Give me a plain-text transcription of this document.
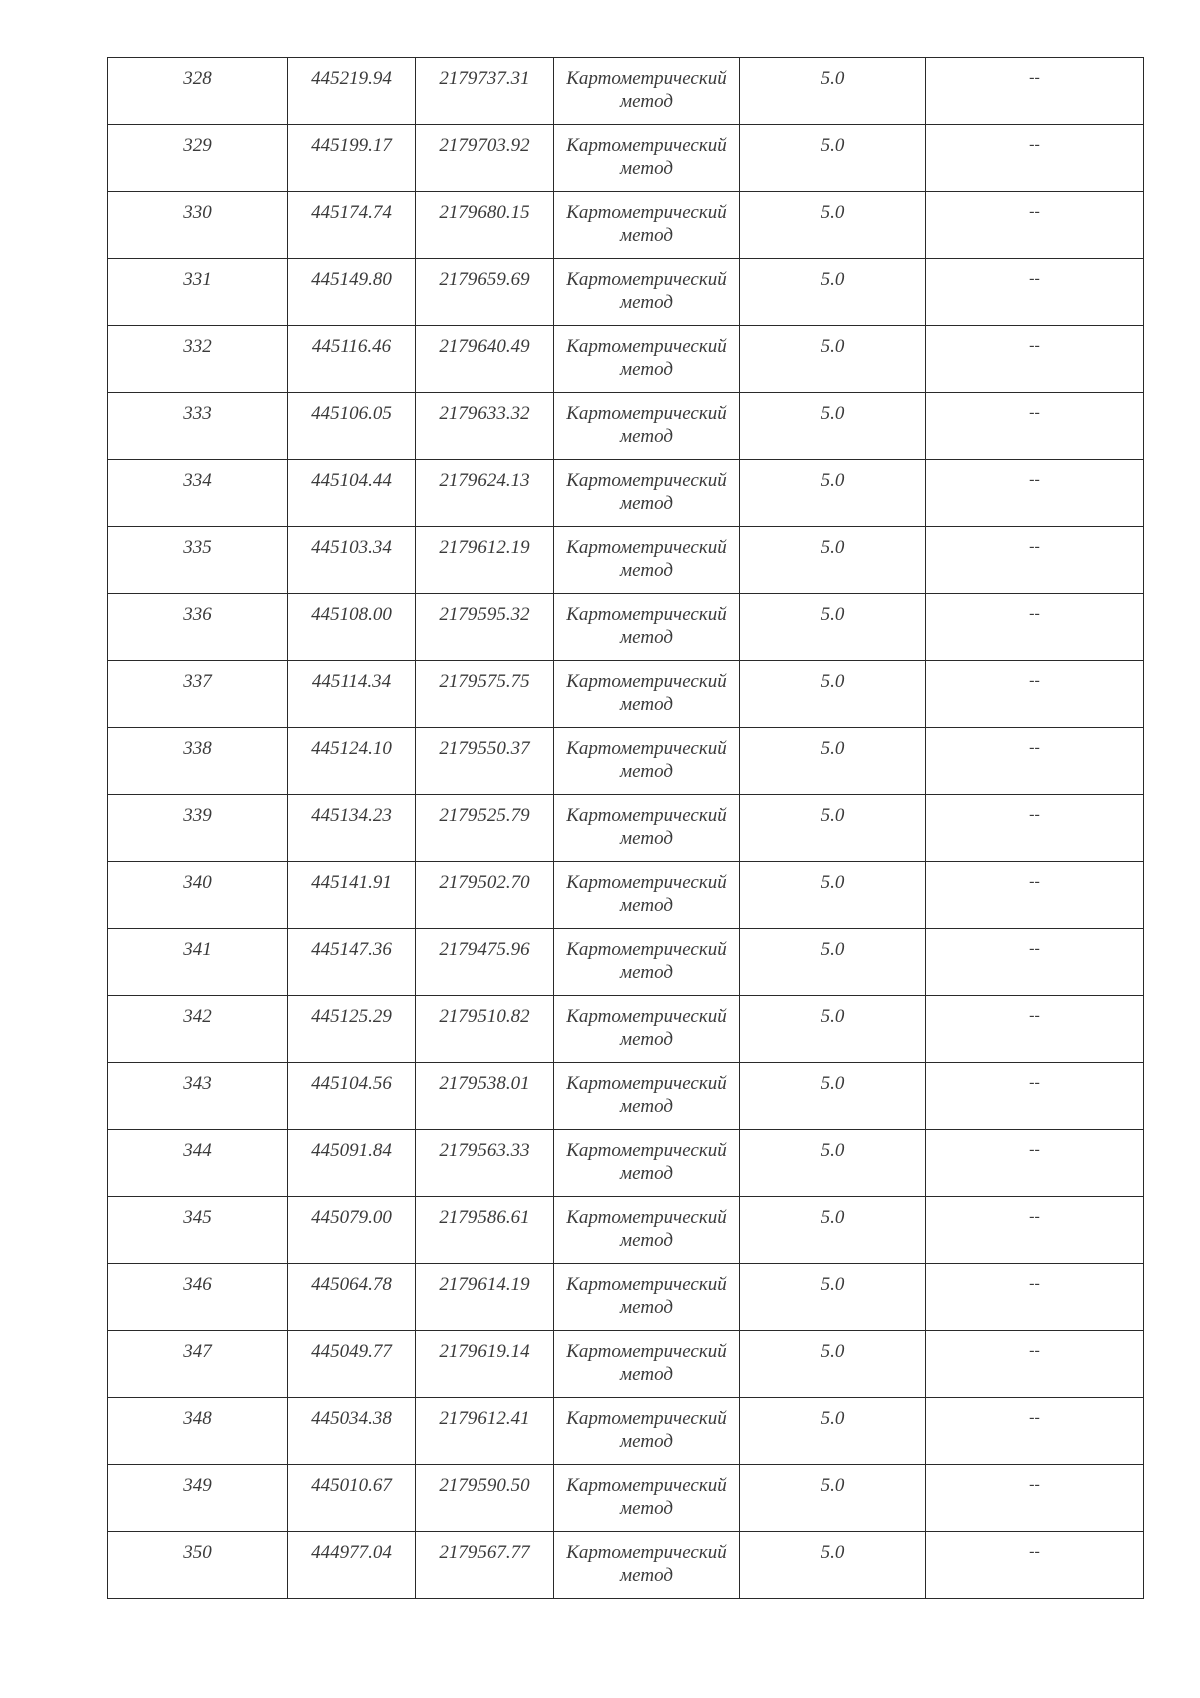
328	445219.94	2179737.31	Картометрический метод	5.0	--

329	445199.17	2179703.92	Картометрический метод	5.0	--

330	445174.74	2179680.15	Картометрический метод	5.0	--

331	445149.80	2179659.69	Картометрический метод	5.0	--

332	445116.46	2179640.49	Картометрический метод	5.0	--

333	445106.05	2179633.32	Картометрический метод	5.0	--

334	445104.44	2179624.13	Картометрический метод	5.0	--

335	445103.34	2179612.19	Картометрический метод	5.0	--

336	445108.00	2179595.32	Картометрический метод	5.0	--

337	445114.34	2179575.75	Картометрический метод	5.0	--

338	445124.10	2179550.37	Картометрический метод	5.0	--

339	445134.23	2179525.79	Картометрический метод	5.0	--

340	445141.91	2179502.70	Картометрический метод	5.0	--

341	445147.36	2179475.96	Картометрический метод	5.0	--

342	445125.29	2179510.82	Картометрический метод	5.0	--

343	445104.56	2179538.01	Картометрический метод	5.0	--

344	445091.84	2179563.33	Картометрический метод	5.0	--

345	445079.00	2179586.61	Картометрический метод	5.0	--

346	445064.78	2179614.19	Картометрический метод	5.0	--

347	445049.77	2179619.14	Картометрический метод	5.0	--

348	445034.38	2179612.41	Картометрический метод	5.0	--

349	445010.67	2179590.50	Картометрический метод	5.0	--

350	444977.04	2179567.77	Картометрический метод	5.0	--
